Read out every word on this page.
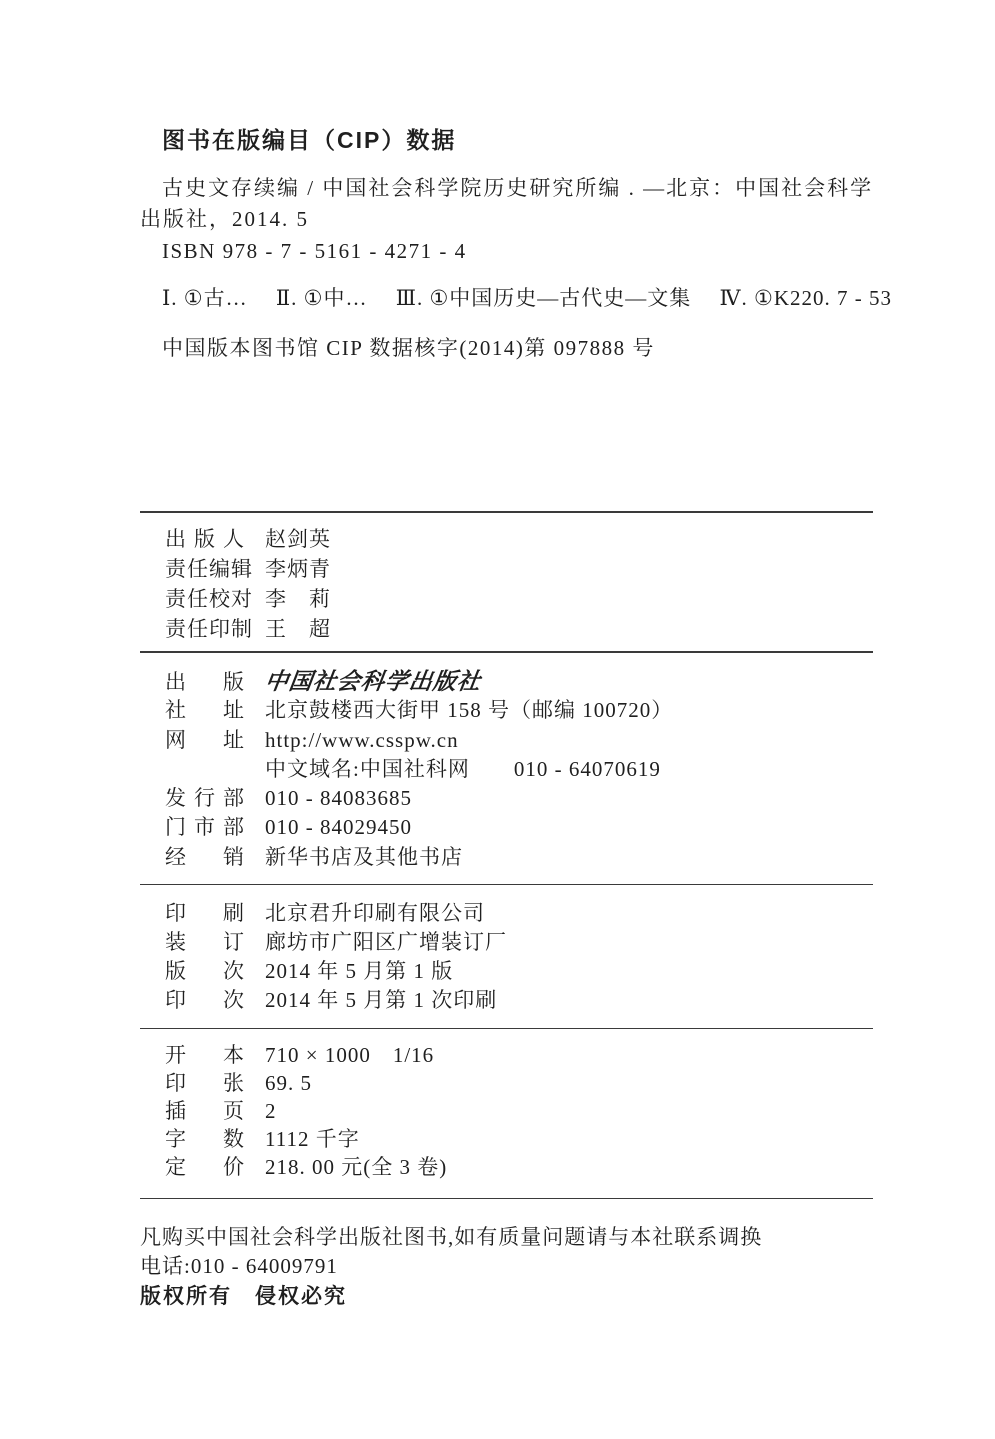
图书在版编目（CIP）数据
古史文存续编 / 中国社会科学院历史研究所编 . —北京：中国社会科学
出版社，2014. 5
ISBN 978 - 7 - 5161 - 4271 - 4
Ⅰ. ①古…　 Ⅱ. ①中…　 Ⅲ. ①中国历史—古代史—文集　 Ⅳ. ①K220. 7 - 53
中国版本图书馆 CIP 数据核字(2014)第 097888 号
出 版 人 赵剑英
责 任 编 辑 李炳青
责 任 校 对 李　莉
责 任 印 制 王　超
出 版 中国社会科学出版社
社 址 北京鼓楼西大街甲 158 号（邮编 100720）
网 址 http://www.csspw.cn
中文域名:中国社科网　　010 - 64070619
发 行 部 010 - 84083685
门 市 部 010 - 84029450
经 销 新华书店及其他书店
印 刷 北京君升印刷有限公司
装 订 廊坊市广阳区广增装订厂
版 次 2014 年 5 月第 1 版
印 次 2014 年 5 月第 1 次印刷
开 本 710 × 1000　1/16
印 张 69. 5
插 页 2
字 数 1112 千字
定 价 218. 00 元(全 3 卷)
凡购买中国社会科学出版社图书,如有质量问题请与本社联系调换
电话:010 - 64009791
版权所有　侵权必究
